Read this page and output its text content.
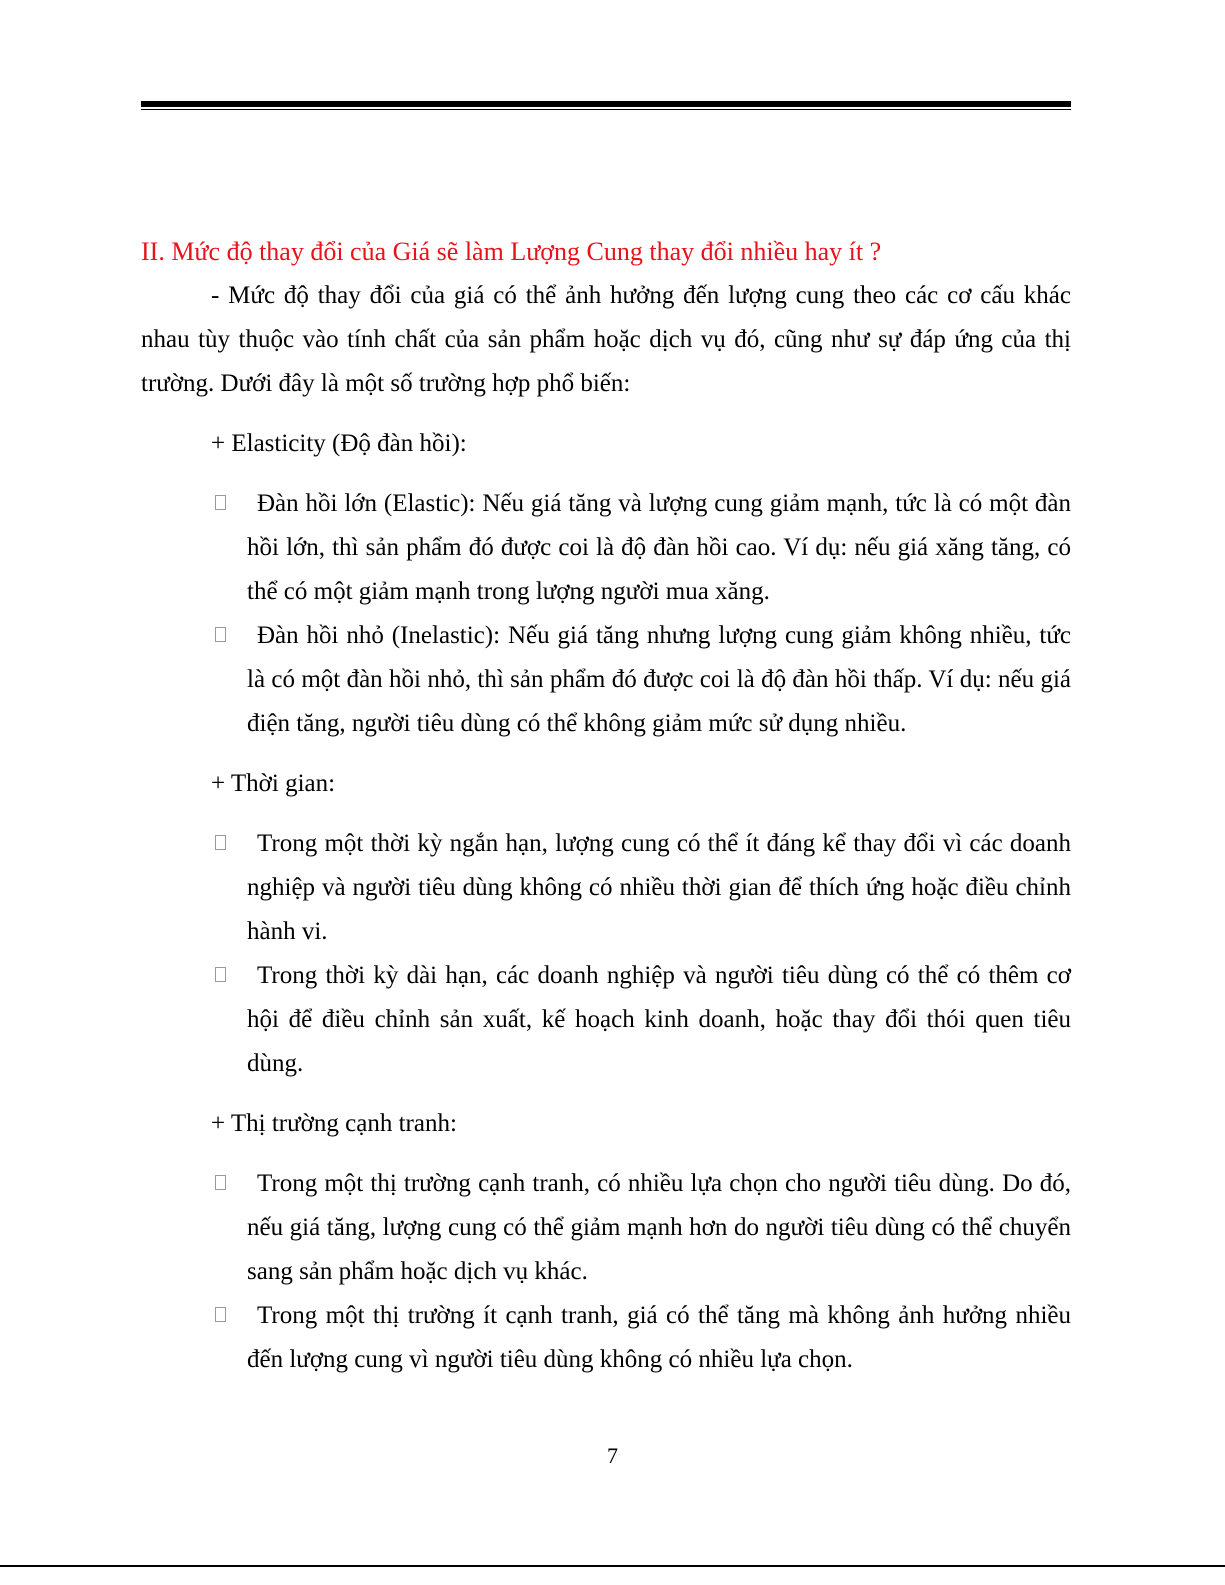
II. Mức độ thay đổi của Giá sẽ làm Lượng Cung thay đổi nhiều hay ít ?

- Mức độ thay đổi của giá có thể ảnh hưởng đến lượng cung theo các cơ cấu khác nhau tùy thuộc vào tính chất của sản phẩm hoặc dịch vụ đó, cũng như sự đáp ứng của thị trường. Dưới đây là một số trường hợp phổ biến:

+ Elasticity (Độ đàn hồi):

Đàn hồi lớn (Elastic): Nếu giá tăng và lượng cung giảm mạnh, tức là có một đàn hồi lớn, thì sản phẩm đó được coi là độ đàn hồi cao. Ví dụ: nếu giá xăng tăng, có thể có một giảm mạnh trong lượng người mua xăng.
Đàn hồi nhỏ (Inelastic): Nếu giá tăng nhưng lượng cung giảm không nhiều, tức là có một đàn hồi nhỏ, thì sản phẩm đó được coi là độ đàn hồi thấp. Ví dụ: nếu giá điện tăng, người tiêu dùng có thể không giảm mức sử dụng nhiều.

+ Thời gian:

Trong một thời kỳ ngắn hạn, lượng cung có thể ít đáng kể thay đổi vì các doanh nghiệp và người tiêu dùng không có nhiều thời gian để thích ứng hoặc điều chỉnh hành vi.
Trong thời kỳ dài hạn, các doanh nghiệp và người tiêu dùng có thể có thêm cơ hội để điều chỉnh sản xuất, kế hoạch kinh doanh, hoặc thay đổi thói quen tiêu dùng.

+ Thị trường cạnh tranh:

Trong một thị trường cạnh tranh, có nhiều lựa chọn cho người tiêu dùng. Do đó, nếu giá tăng, lượng cung có thể giảm mạnh hơn do người tiêu dùng có thể chuyển sang sản phẩm hoặc dịch vụ khác.
Trong một thị trường ít cạnh tranh, giá có thể tăng mà không ảnh hưởng nhiều đến lượng cung vì người tiêu dùng không có nhiều lựa chọn.
7
